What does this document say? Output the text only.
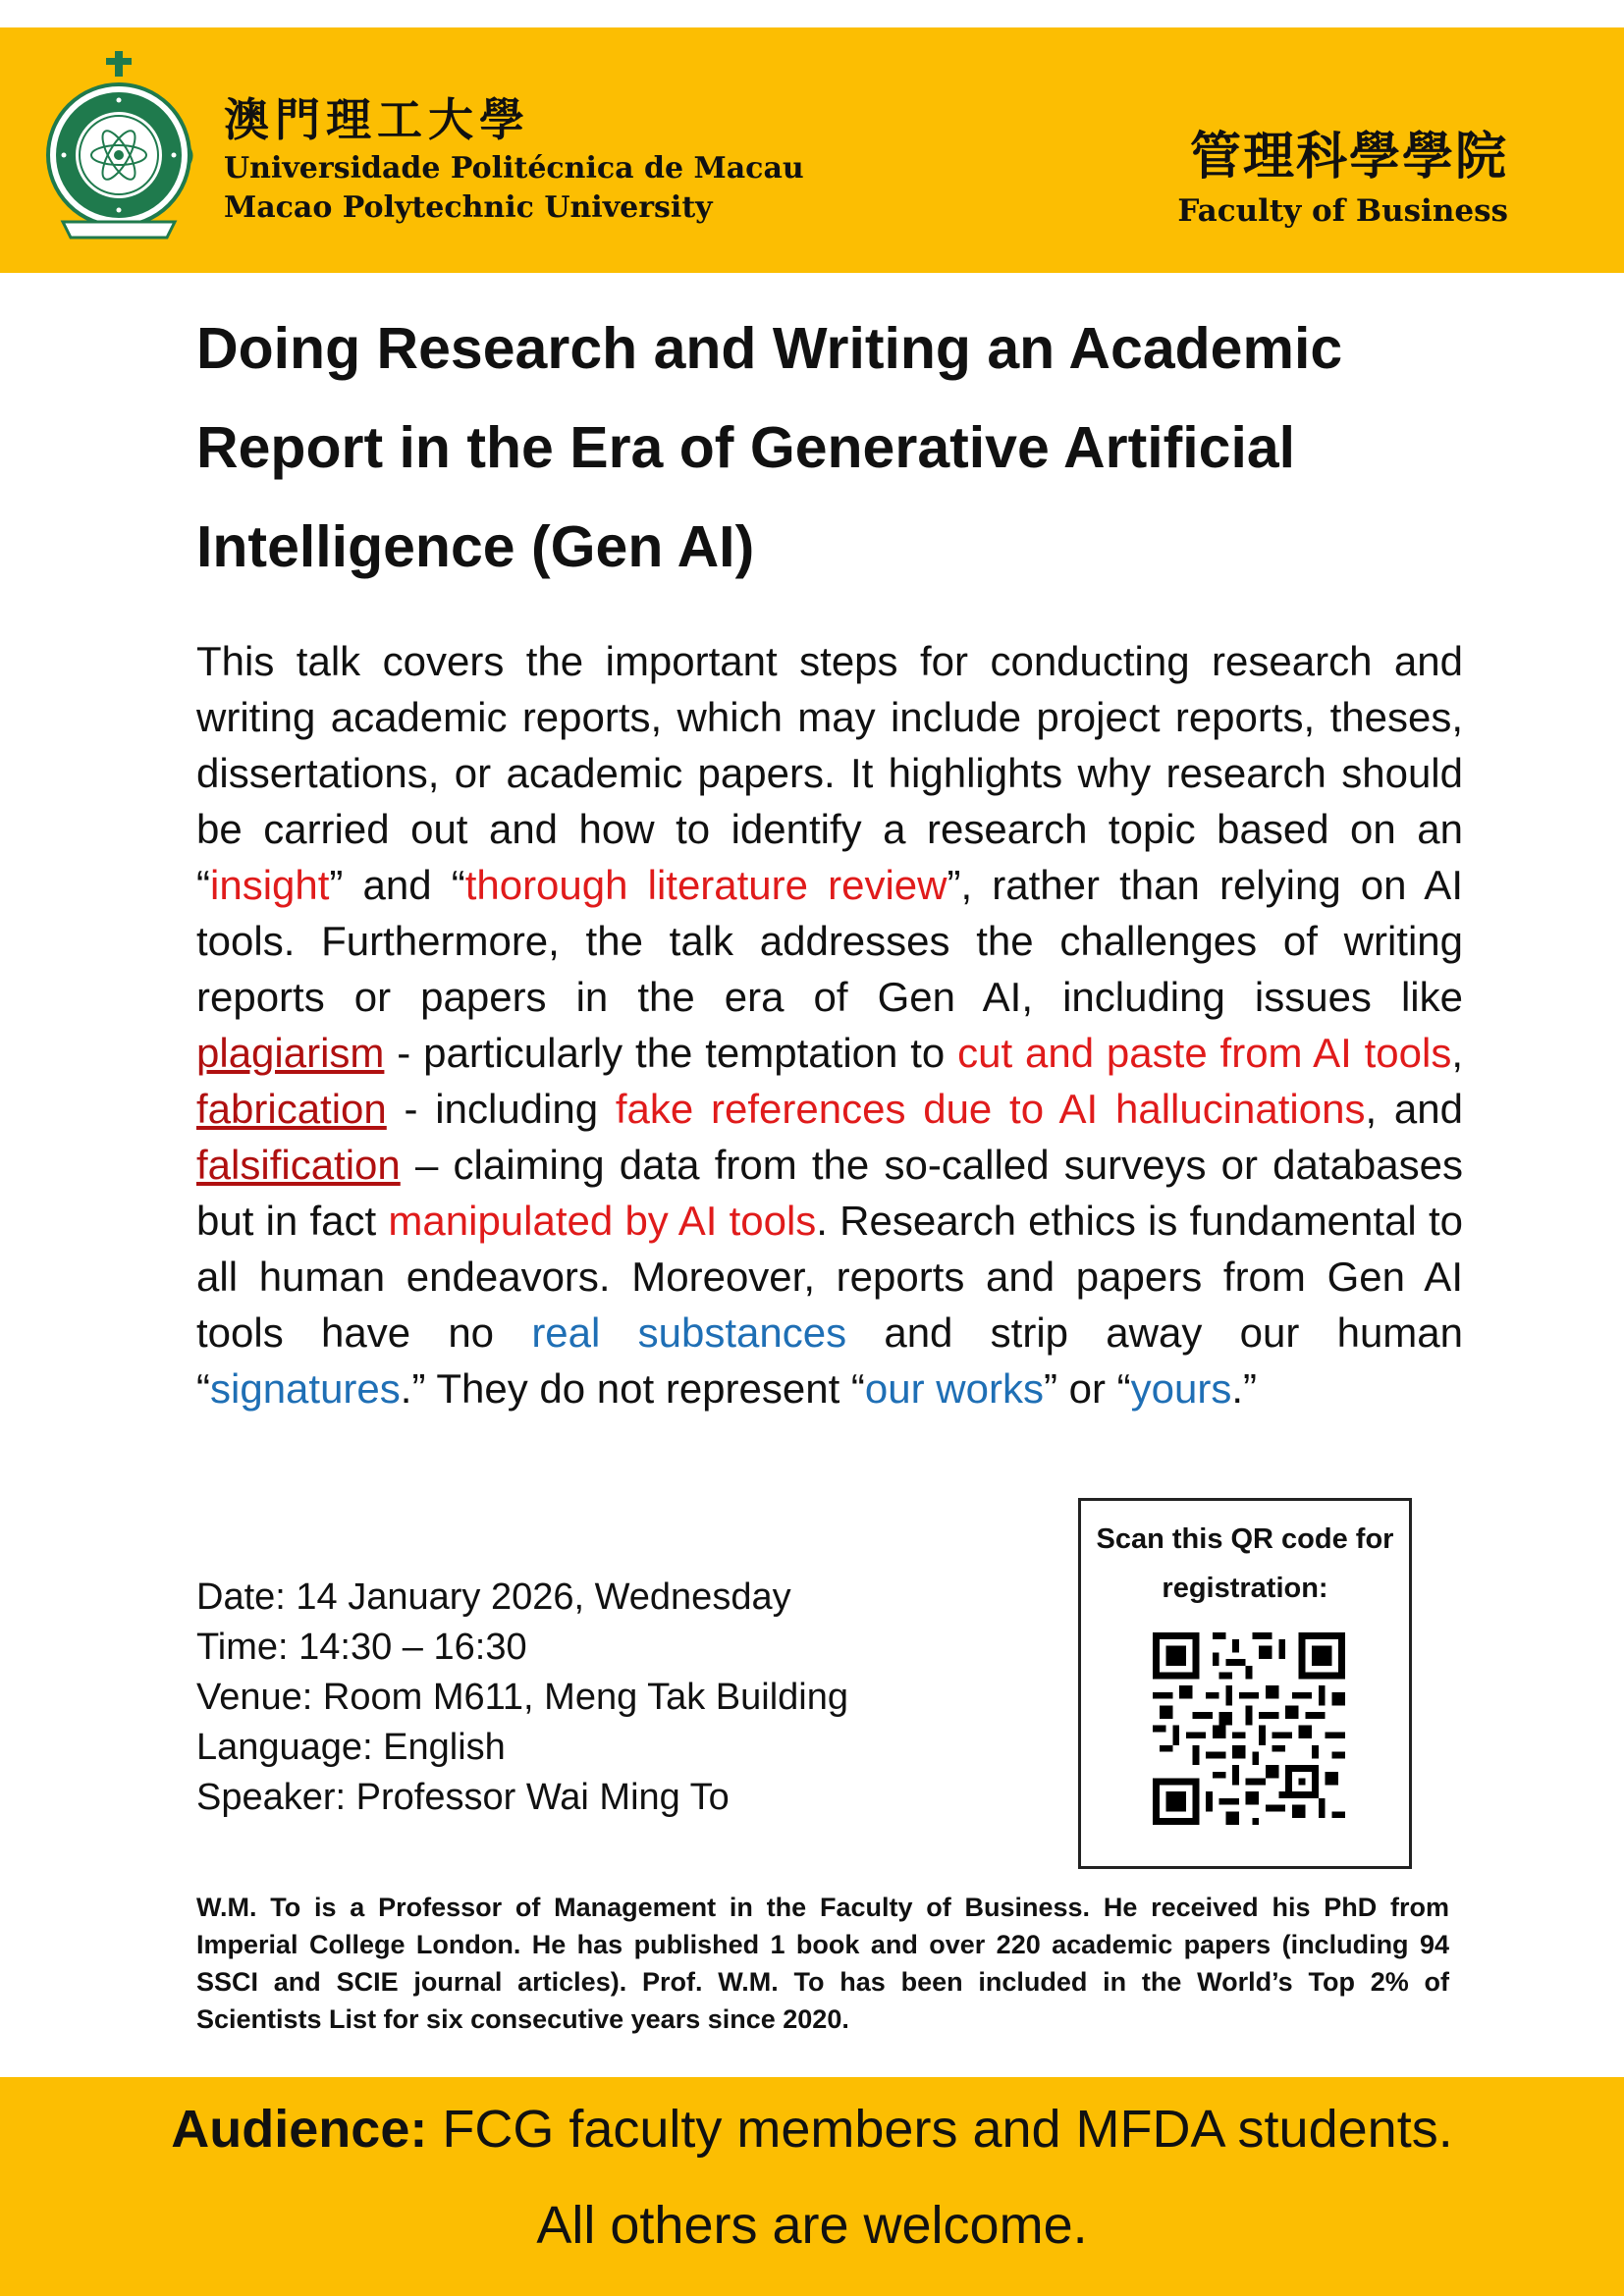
澳門理工大學
Universidade Politécnica de Macau
Macao Polytechnic University
管理科學學院
Faculty of Business
Doing Research and Writing an Academic
Report in the Era of Generative Artificial
Intelligence (Gen AI)

This talk covers the important steps for conducting research and writing academic reports, which may include project reports, theses, dissertations, or academic papers. It highlights why research should be carried out and how to identify a research topic based on an “insight” and “thorough literature review”, rather than relying on AI tools. Furthermore, the talk addresses the challenges of writing reports or papers in the era of Gen AI, including issues like plagiarism - particularly the temptation to cut and paste from AI tools, fabrication - including fake references due to AI hallucinations, and falsification – claiming data from the so-called surveys or databases but in fact manipulated by AI tools. Research ethics is fundamental to all human endeavors. Moreover, reports and papers from Gen AI tools have no real substances and strip away our human “signatures.” They do not represent “our works” or “yours.”

Date: 14 January 2026, Wednesday
Time: 14:30 – 16:30
Venue: Room M611, Meng Tak Building
Language: English
Speaker: Professor Wai Ming To
Scan this QR code for
registration:
W.M. To is a Professor of Management in the Faculty of Business. He received his PhD from Imperial College London. He has published 1 book and over 220 academic papers (including 94 SSCI and SCIE journal articles). Prof. W.M. To has been included in the World’s Top 2% of Scientists List for six consecutive years since 2020.
Audience: FCG faculty members and MFDA students.
All others are welcome.
